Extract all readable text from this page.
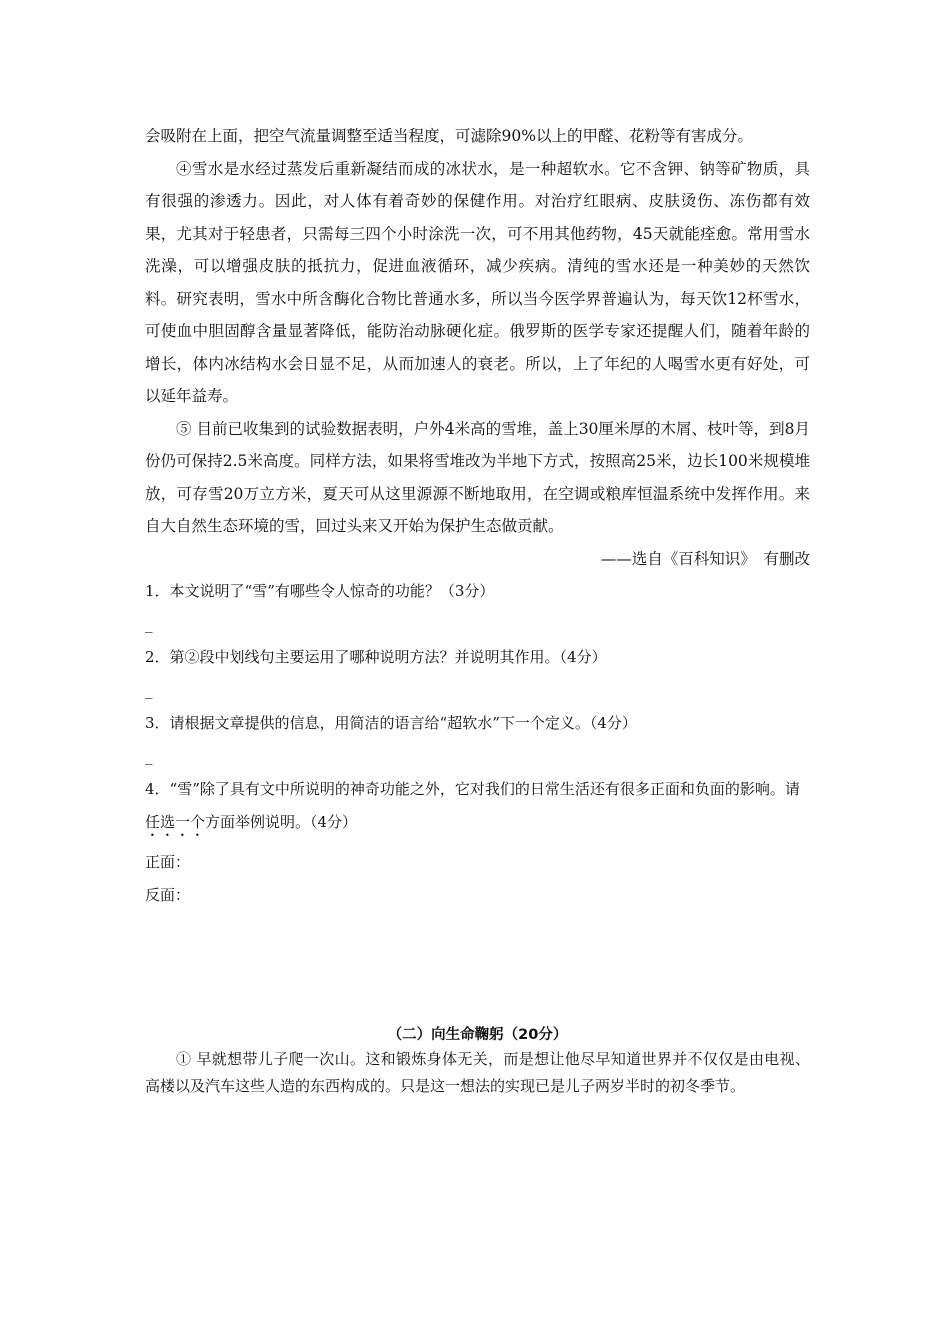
会吸附在上面，把空气流量调整至适当程度，可滤除90%以上的甲醛、花粉等有害成分。

④雪水是水经过蒸发后重新凝结而成的冰状水，是一种超软水。它不含钾、钠等矿物质，具有很强的渗透力。因此，对人体有着奇妙的保健作用。对治疗红眼病、皮肤烫伤、冻伤都有效果，尤其对于轻患者，只需每三四个小时涂洗一次，可不用其他药物，45天就能痊愈。常用雪水洗澡，可以增强皮肤的抵抗力，促进血液循环，减少疾病。清纯的雪水还是一种美妙的天然饮料。研究表明，雪水中所含酶化合物比普通水多，所以当今医学界普遍认为，每天饮12杯雪水，可使血中胆固醇含量显著降低，能防治动脉硬化症。俄罗斯的医学专家还提醒人们，随着年龄的增长，体内冰结构水会日显不足，从而加速人的衰老。所以，上了年纪的人喝雪水更有好处，可以延年益寿。

⑤ 目前已收集到的试验数据表明，户外4米高的雪堆，盖上30厘米厚的木屑、枝叶等，到8月份仍可保持2.5米高度。同样方法，如果将雪堆改为半地下方式，按照高25米，边长100米规模堆放，可存雪20万立方米，夏天可从这里源源不断地取用，在空调或粮库恒温系统中发挥作用。来自大自然生态环境的雪，回过头来又开始为保护生态做贡献。

——选自《百科知识》　有删改

1．本文说明了“雪”有哪些令人惊奇的功能？（3分）

_

2．第②段中划线句主要运用了哪种说明方法？并说明其作用。（4分）

_

3．请根据文章提供的信息，用简洁的语言给“超软水”下一个定义。（4分）

_

4．“雪”除了具有文中所说明的神奇功能之外，它对我们的日常生活还有很多正面和负面的影响。请任选一个方面举例说明。（4分）

正面：

反面：

（二）向生命鞠躬（20分）

① 早就想带儿子爬一次山。这和锻炼身体无关，而是想让他尽早知道世界并不仅仅是由电视、高楼以及汽车这些人造的东西构成的。只是这一想法的实现已是儿子两岁半时的初冬季节。
